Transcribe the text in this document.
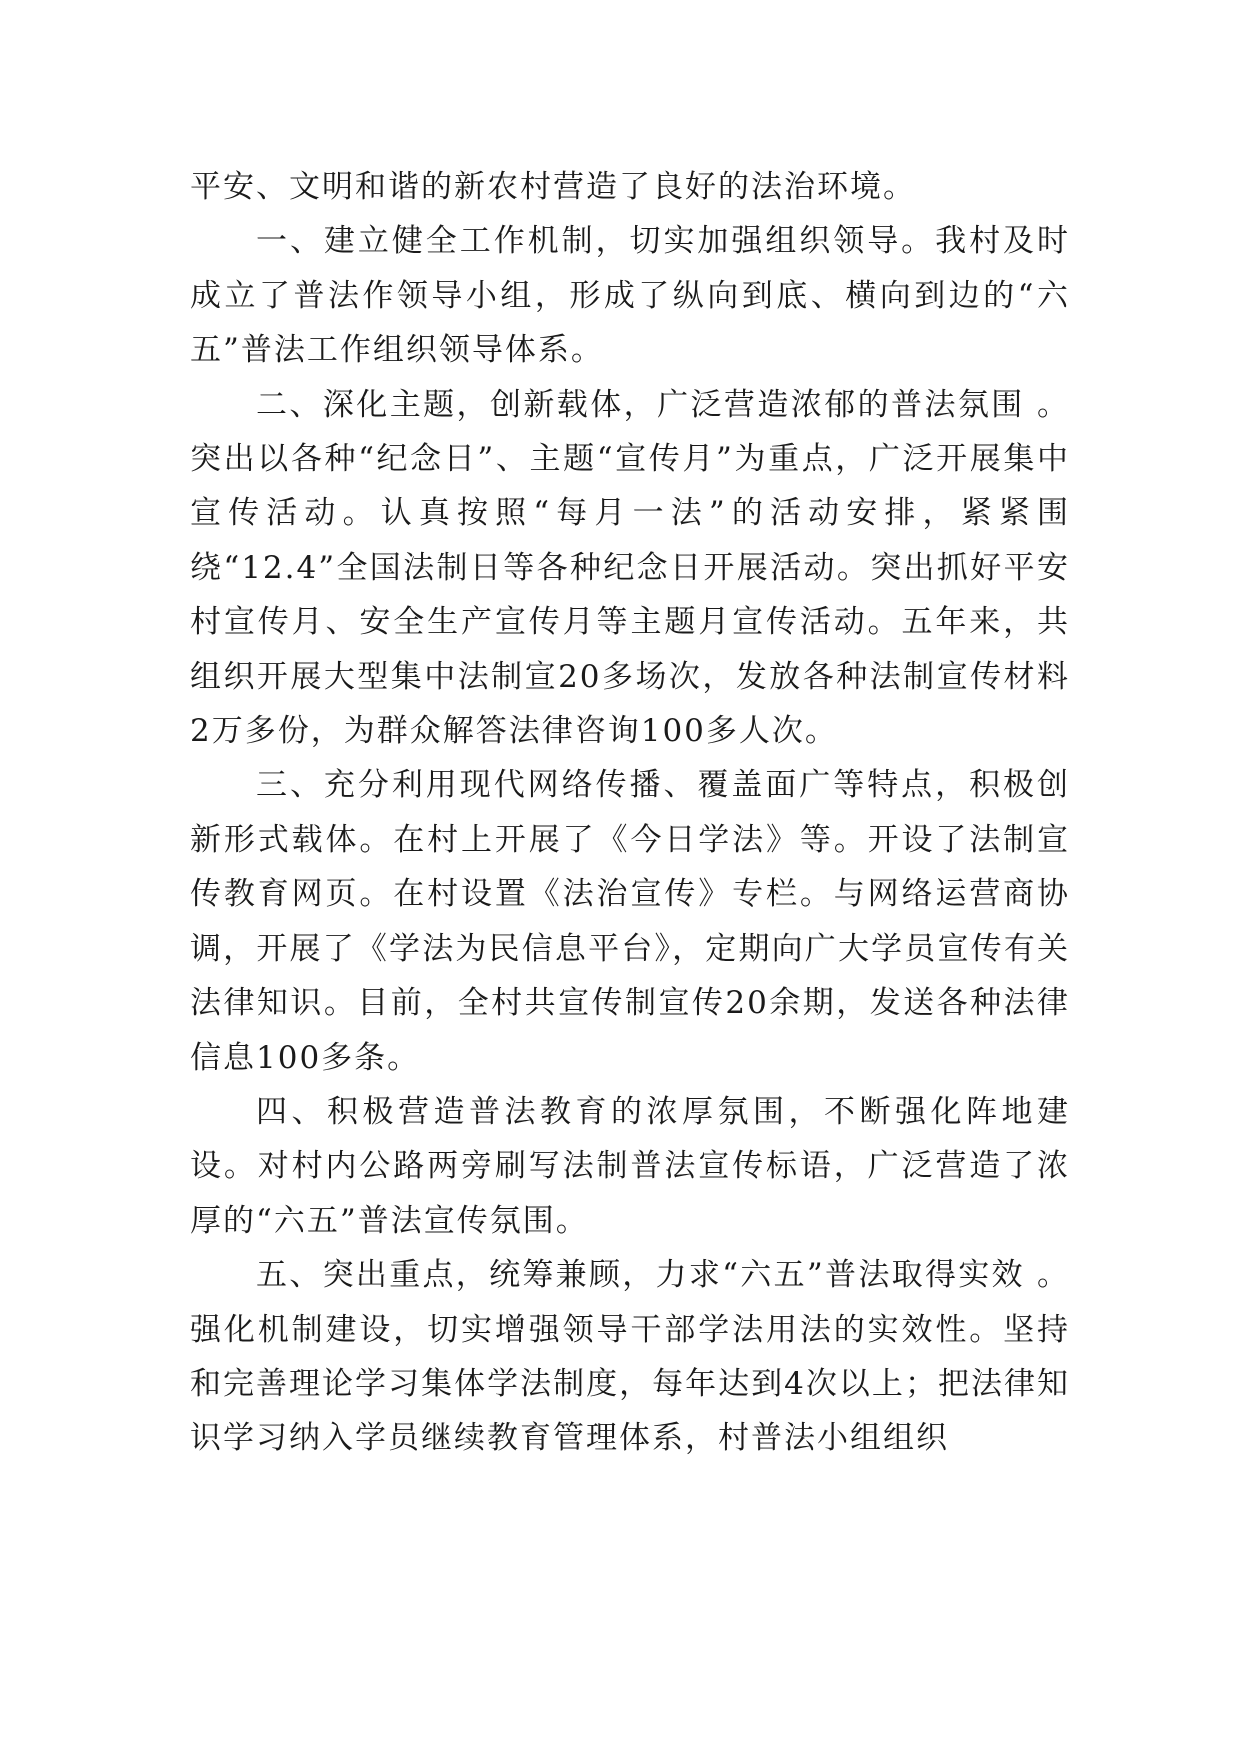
平安、文明和谐的新农村营造了良好的法治环境。

一、建立健全工作机制，切实加强组织领导。我村及时成立了普法作领导小组，形成了纵向到底、横向到边的“六五”普法工作组织领导体系。

二、深化主题，创新载体，广泛营造浓郁的普法氛围 。突出以各种“纪念日”、主题“宣传月”为重点，广泛开展集中宣传活动。认真按照“每月一法”的活动安排，紧紧围绕“12.4”全国法制日等各种纪念日开展活动。突出抓好平安村宣传月、安全生产宣传月等主题月宣传活动。五年来，共组织开展大型集中法制宣20多场次，发放各种法制宣传材料2万多份，为群众解答法律咨询100多人次。

三、充分利用现代网络传播、覆盖面广等特点，积极创新形式载体。在村上开展了《今日学法》等。开设了法制宣传教育网页。在村设置《法治宣传》专栏。与网络运营商协调，开展了《学法为民信息平台》，定期向广大学员宣传有关法律知识。目前，全村共宣传制宣传20余期，发送各种法律信息100多条。

四、积极营造普法教育的浓厚氛围，不断强化阵地建设。对村内公路两旁刷写法制普法宣传标语，广泛营造了浓厚的“六五”普法宣传氛围。

五、突出重点，统筹兼顾，力求“六五”普法取得实效 。强化机制建设，切实增强领导干部学法用法的实效性。坚持和完善理论学习集体学法制度，每年达到4次以上；把法律知识学习纳入学员继续教育管理体系，村普法小组组织
